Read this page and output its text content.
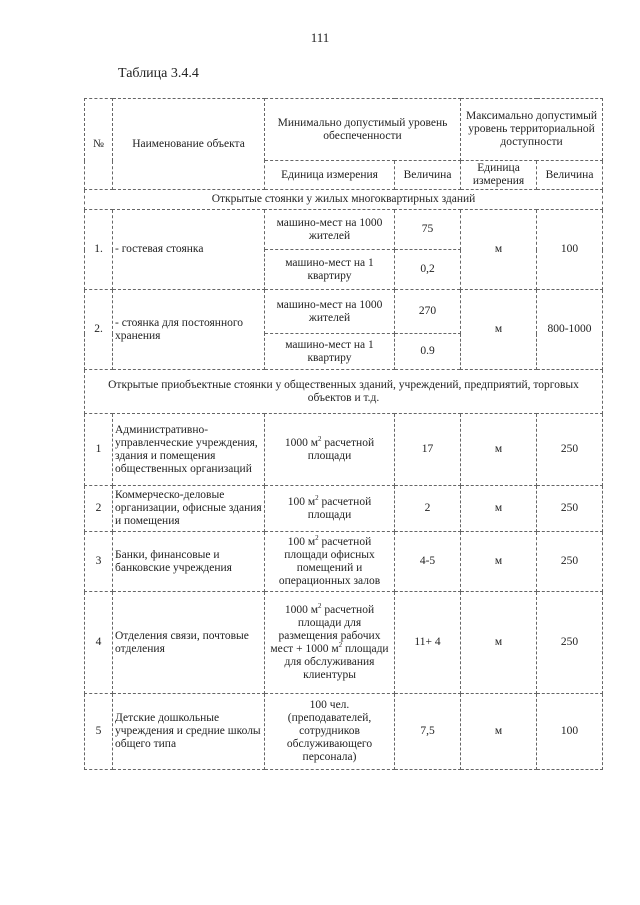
111
Таблица 3.4.4
№	Наименование объекта	Минимально допустимый уровень обеспеченности		Максимально допустимый уровень территориальной доступности	
		Единица измерения	Величина	Единица измерения	Величина
Открытые стоянки у жилых многоквартирных зданий					
1.	- гостевая стоянка	машино-мест на 1000 жителей	75	м	100
		машино-мест на 1 квартиру	0,2		
2.	- стоянка для постоянного хранения	машино-мест на 1000 жителей	270	м	800-1000
		машино-мест на 1 квартиру	0.9		
Открытые приобъектные стоянки у общественных зданий, учреждений, предприятий, торговых объектов и т.д.					
1	Административно-управленческие учреждения, здания и помещения общественных организаций	1000 $м^2$ расчетной площади	17	м	250
2	Коммерческо-деловые организации, офисные здания и помещения	100 $м^2$ расчетной площади	2	м	250
3	Банки, финансовые и банковские учреждения	100 $м^2$ расчетной площади офисных помещений и операционных залов	4-5	м	250
4	Отделения связи, почтовые отделения	1000 $м^2$ расчетной площади для размещения рабочих мест + 1000 $м^2$ площади для обслуживания клиентуры	11+ 4	м	250
5	Детские дошкольные учреждения и средние школы общего типа	100 чел. (преподавателей, сотрудников обслуживающего персонала)	7,5	м	100
